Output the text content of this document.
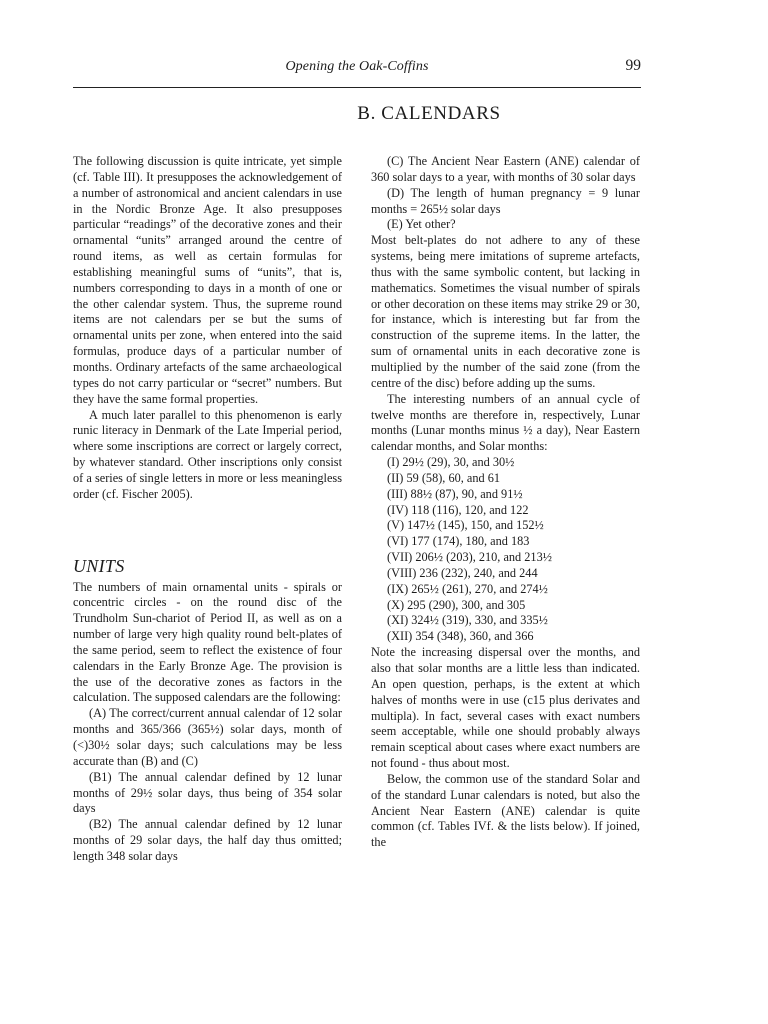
Opening the Oak-Coffins	99
B. CALENDARS

The following discussion is quite intricate, yet simple (cf. Table III). It presupposes the acknowledgement of a number of astronomical and ancient calendars in use in the Nordic Bronze Age. It also presupposes particular “readings” of the decorative zones and their ornamental “units” arranged around the centre of round items, as well as certain formulas for establishing meaningful sums of “units”, that is, numbers corresponding to days in a month of one or the other calendar system. Thus, the supreme round items are not calendars per se but the sums of ornamental units per zone, when entered into the said formulas, produce days of a particular number of months. Ordinary artefacts of the same archaeological types do not carry particular or “secret” numbers. But they have the same formal properties.

A much later parallel to this phenomenon is early runic literacy in Denmark of the Late Imperial period, where some inscriptions are correct or largely correct, by whatever standard. Other inscriptions only consist of a series of single letters in more or less meaningless order (cf. Fischer 2005).

UNITS

The numbers of main ornamental units - spirals or concentric circles - on the round disc of the Trundholm Sun-chariot of Period II, as well as on a number of large very high quality round belt-plates of the same period, seem to reflect the existence of four calendars in the Early Bronze Age. The provision is the use of the decorative zones as factors in the calculation. The supposed calendars are the following:

(A) The correct/current annual calendar of 12 solar months and 365/366 (365½) solar days, month of (<)30½ solar days; such calculations may be less accurate than (B) and (C)

(B1) The annual calendar defined by 12 lunar months of 29½ solar days, thus being of 354 solar days

(B2) The annual calendar defined by 12 lunar months of 29 solar days, the half day thus omitted; length 348 solar days

(C) The Ancient Near Eastern (ANE) calendar of 360 solar days to a year, with months of 30 solar days

(D) The length of human pregnancy = 9 lunar months = 265½ solar days

(E) Yet other?

Most belt-plates do not adhere to any of these systems, being mere imitations of supreme artefacts, thus with the same symbolic content, but lacking in mathematics. Sometimes the visual number of spirals or other decoration on these items may strike 29 or 30, for instance, which is interesting but far from the construction of the supreme items. In the latter, the sum of ornamental units in each decorative zone is multiplied by the number of the said zone (from the centre of the disc) before adding up the sums.

The interesting numbers of an annual cycle of twelve months are therefore in, respectively, Lunar months (Lunar months minus ½ a day), Near Eastern calendar months, and Solar months:

(I) 29½ (29), 30, and 30½
(II) 59 (58), 60, and 61
(III) 88½ (87), 90, and 91½
(IV) 118 (116), 120, and 122
(V) 147½ (145), 150, and 152½
(VI) 177 (174), 180, and 183
(VII) 206½ (203), 210, and 213½
(VIII) 236 (232), 240, and 244
(IX) 265½ (261), 270, and 274½
(X) 295 (290), 300, and 305
(XI) 324½ (319), 330, and 335½
(XII) 354 (348), 360, and 366

Note the increasing dispersal over the months, and also that solar months are a little less than indicated. An open question, perhaps, is the extent at which halves of months were in use (c15 plus derivates and multipla). In fact, several cases with exact numbers seem acceptable, while one should probably always remain sceptical about cases where exact numbers are not found - thus about most.

Below, the common use of the standard Solar and of the standard Lunar calendars is noted, but also the Ancient Near Eastern (ANE) calendar is quite common (cf. Tables IVf. & the lists below). If joined, the
